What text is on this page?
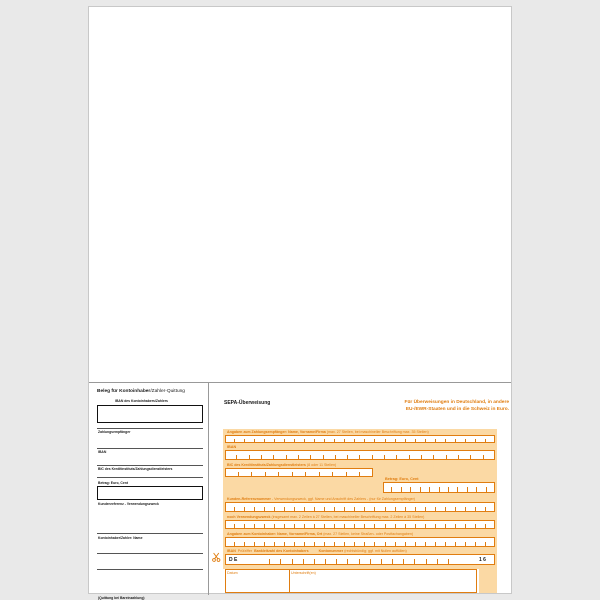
Beleg für Kontoinhaber/Zahler-Quittung
IBAN des Kontoinhabers/Zahlers
Zahlungsempfänger
IBAN
BIC des Kreditinstituts/Zahlungsdienstleisters
Betrag: Euro, Cent
Kundenreferenz - Verwendungszweck
Kontoinhaber/Zahler: Name
(Quittung bei Bareinzahlung)
SEPA-Überweisung	Für Überweisungen in Deutschland, in andere
EU-/EWR-Staaten und in die Schweiz in Euro.
Angaben zum Zahlungsempfänger: Name, Vorname/Firma (max. 27 Stellen, bei maschineller Beschriftung max. 35 Stellen)
IBAN
BIC des Kreditinstituts/Zahlungsdienstleisters (8 oder 11 Stellen)
Betrag: Euro, Cent
Kunden-Referenznummer - Verwendungszweck, ggf. Name und Anschrift des Zahlers - (nur für Zahlungsempfänger)
noch Verwendungszweck (insgesamt max. 2 Zeilen à 27 Stellen, bei maschineller Beschriftung max. 2 Zeilen à 35 Stellen)
Angaben zum Kontoinhaber: Name, Vorname/Firma, Ort (max. 27 Stellen, keine Straßen- oder Postfachangaben)
IBAN Prüfziffer Bankleitzahl des Kontoinhabers	Kontonummer (rechtsbündig; ggf. mit Nullen auffüllen)
D E	1 6
Datum	Unterschrift(en)
